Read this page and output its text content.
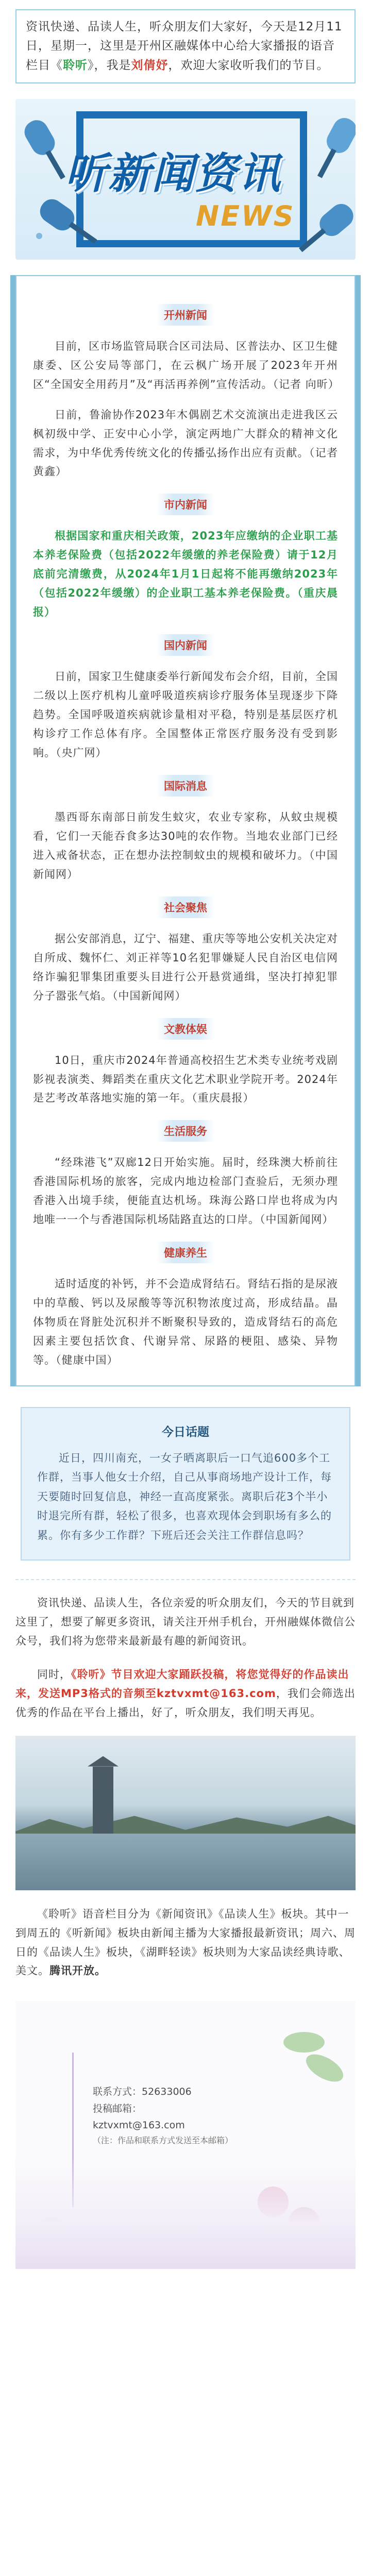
资讯快递、品读人生，听众朋友们大家好，今天是12月11日，星期一，这里是开州区融媒体中心给大家播报的语音栏目《聆听》，我是刘倩妤，欢迎大家收听我们的节目。
听新闻资讯
NEWS
开州新闻

目前，区市场监管局联合区司法局、区普法办、区卫生健康委、区公安局等部门，在云枫广场开展了2023年开州区“全国安全用药月”及“再活再养例”宣传活动。（记者 向昕）

日前，鲁渝协作2023年木偶剧艺术交流演出走进我区云枫初级中学、正安中心小学，演定两地广大群众的精神文化需求，为中华优秀传统文化的传播弘扬作出应有贡献。（记者 黄鑫）

市内新闻

根据国家和重庆相关政策，2023年应缴纳的企业职工基本养老保险费（包括2022年缓缴的养老保险费）请于12月底前完清缴费，从2024年1月1日起将不能再缴纳2023年（包括2022年缓缴）的企业职工基本养老保险费。（重庆晨报）

国内新闻

日前，国家卫生健康委举行新闻发布会介绍，目前，全国二级以上医疗机构儿童呼吸道疾病诊疗服务体呈现逐步下降趋势。全国呼吸道疾病就诊量相对平稳，特别是基层医疗机构诊疗工作总体有序。全国整体正常医疗服务没有受到影响。（央广网）

国际消息

墨西哥东南部日前发生蚊灾，农业专家称，从蚊虫规模看，它们一天能吞食多达30吨的农作物。当地农业部门已经进入戒备状态，正在想办法控制蚊虫的规模和破坏力。（中国新闻网）

社会聚焦

据公安部消息，辽宁、福建、重庆等等地公安机关决定对自所成、魏怀仁、刘正祥等10名犯罪嫌疑人民自治区电信网络诈骗犯罪集团重要头目进行公开悬赏通缉，坚决打掉犯罪分子嚣张气焰。（中国新闻网）

文教体娱

10日，重庆市2024年普通高校招生艺术类专业统考戏剧影视表演类、舞蹈类在重庆文化艺术职业学院开考。2024年是艺考改革落地实施的第一年。（重庆晨报）

生活服务

“经珠港飞”双廊12日开始实施。届时，经珠澳大桥前往香港国际机场的旅客，完成内地边检部门查验后，无须办理香港入出境手续，便能直达机场。珠海公路口岸也将成为内地唯一一个与香港国际机场陆路直达的口岸。（中国新闻网）

健康养生

适时适度的补钙，并不会造成肾结石。肾结石指的是尿液中的草酸、钙以及尿酸等等沉积物浓度过高，形成结晶。晶体物质在肾脏处沉积并不断聚积导致的，造成肾结石的高危因素主要包括饮食、代谢异常、尿路的梗阻、感染、异物等。（健康中国）

今日话题

近日，四川南充，一女子晒离职后一口气追600多个工作群，当事人他女士介绍，自己从事商场地产设计工作，每天要随时回复信息，神经一直高度紧张。离职后花3个半小时退完所有群，轻松了很多，也喜欢现体会到职场有多么的累。你有多少工作群？下班后还会关注工作群信息吗？

资讯快递、品读人生，各位亲爱的听众朋友们，今天的节目就到这里了，想要了解更多资讯，请关注开州手机台，开州融媒体微信公众号，我们将为您带来最新最有趣的新闻资讯。

同时，《聆听》节目欢迎大家踊跃投稿，将您觉得好的作品读出来，发送MP3格式的音频至kztvxmt@163.com，我们会筛选出优秀的作品在平台上播出，好了，听众朋友，我们明天再见。

《聆听》语音栏目分为《新闻资讯》《品读人生》板块。其中一到周五的《听新闻》板块由新闻主播为大家播报最新资讯；周六、周日的《品读人生》板块，《湖畔轻读》板块则为大家品读经典诗歌、美文。腾讯开放。

联系方式：52633006
投稿邮箱：
kztvxmt@163.com
（注：作品和联系方式发送至本邮箱）
